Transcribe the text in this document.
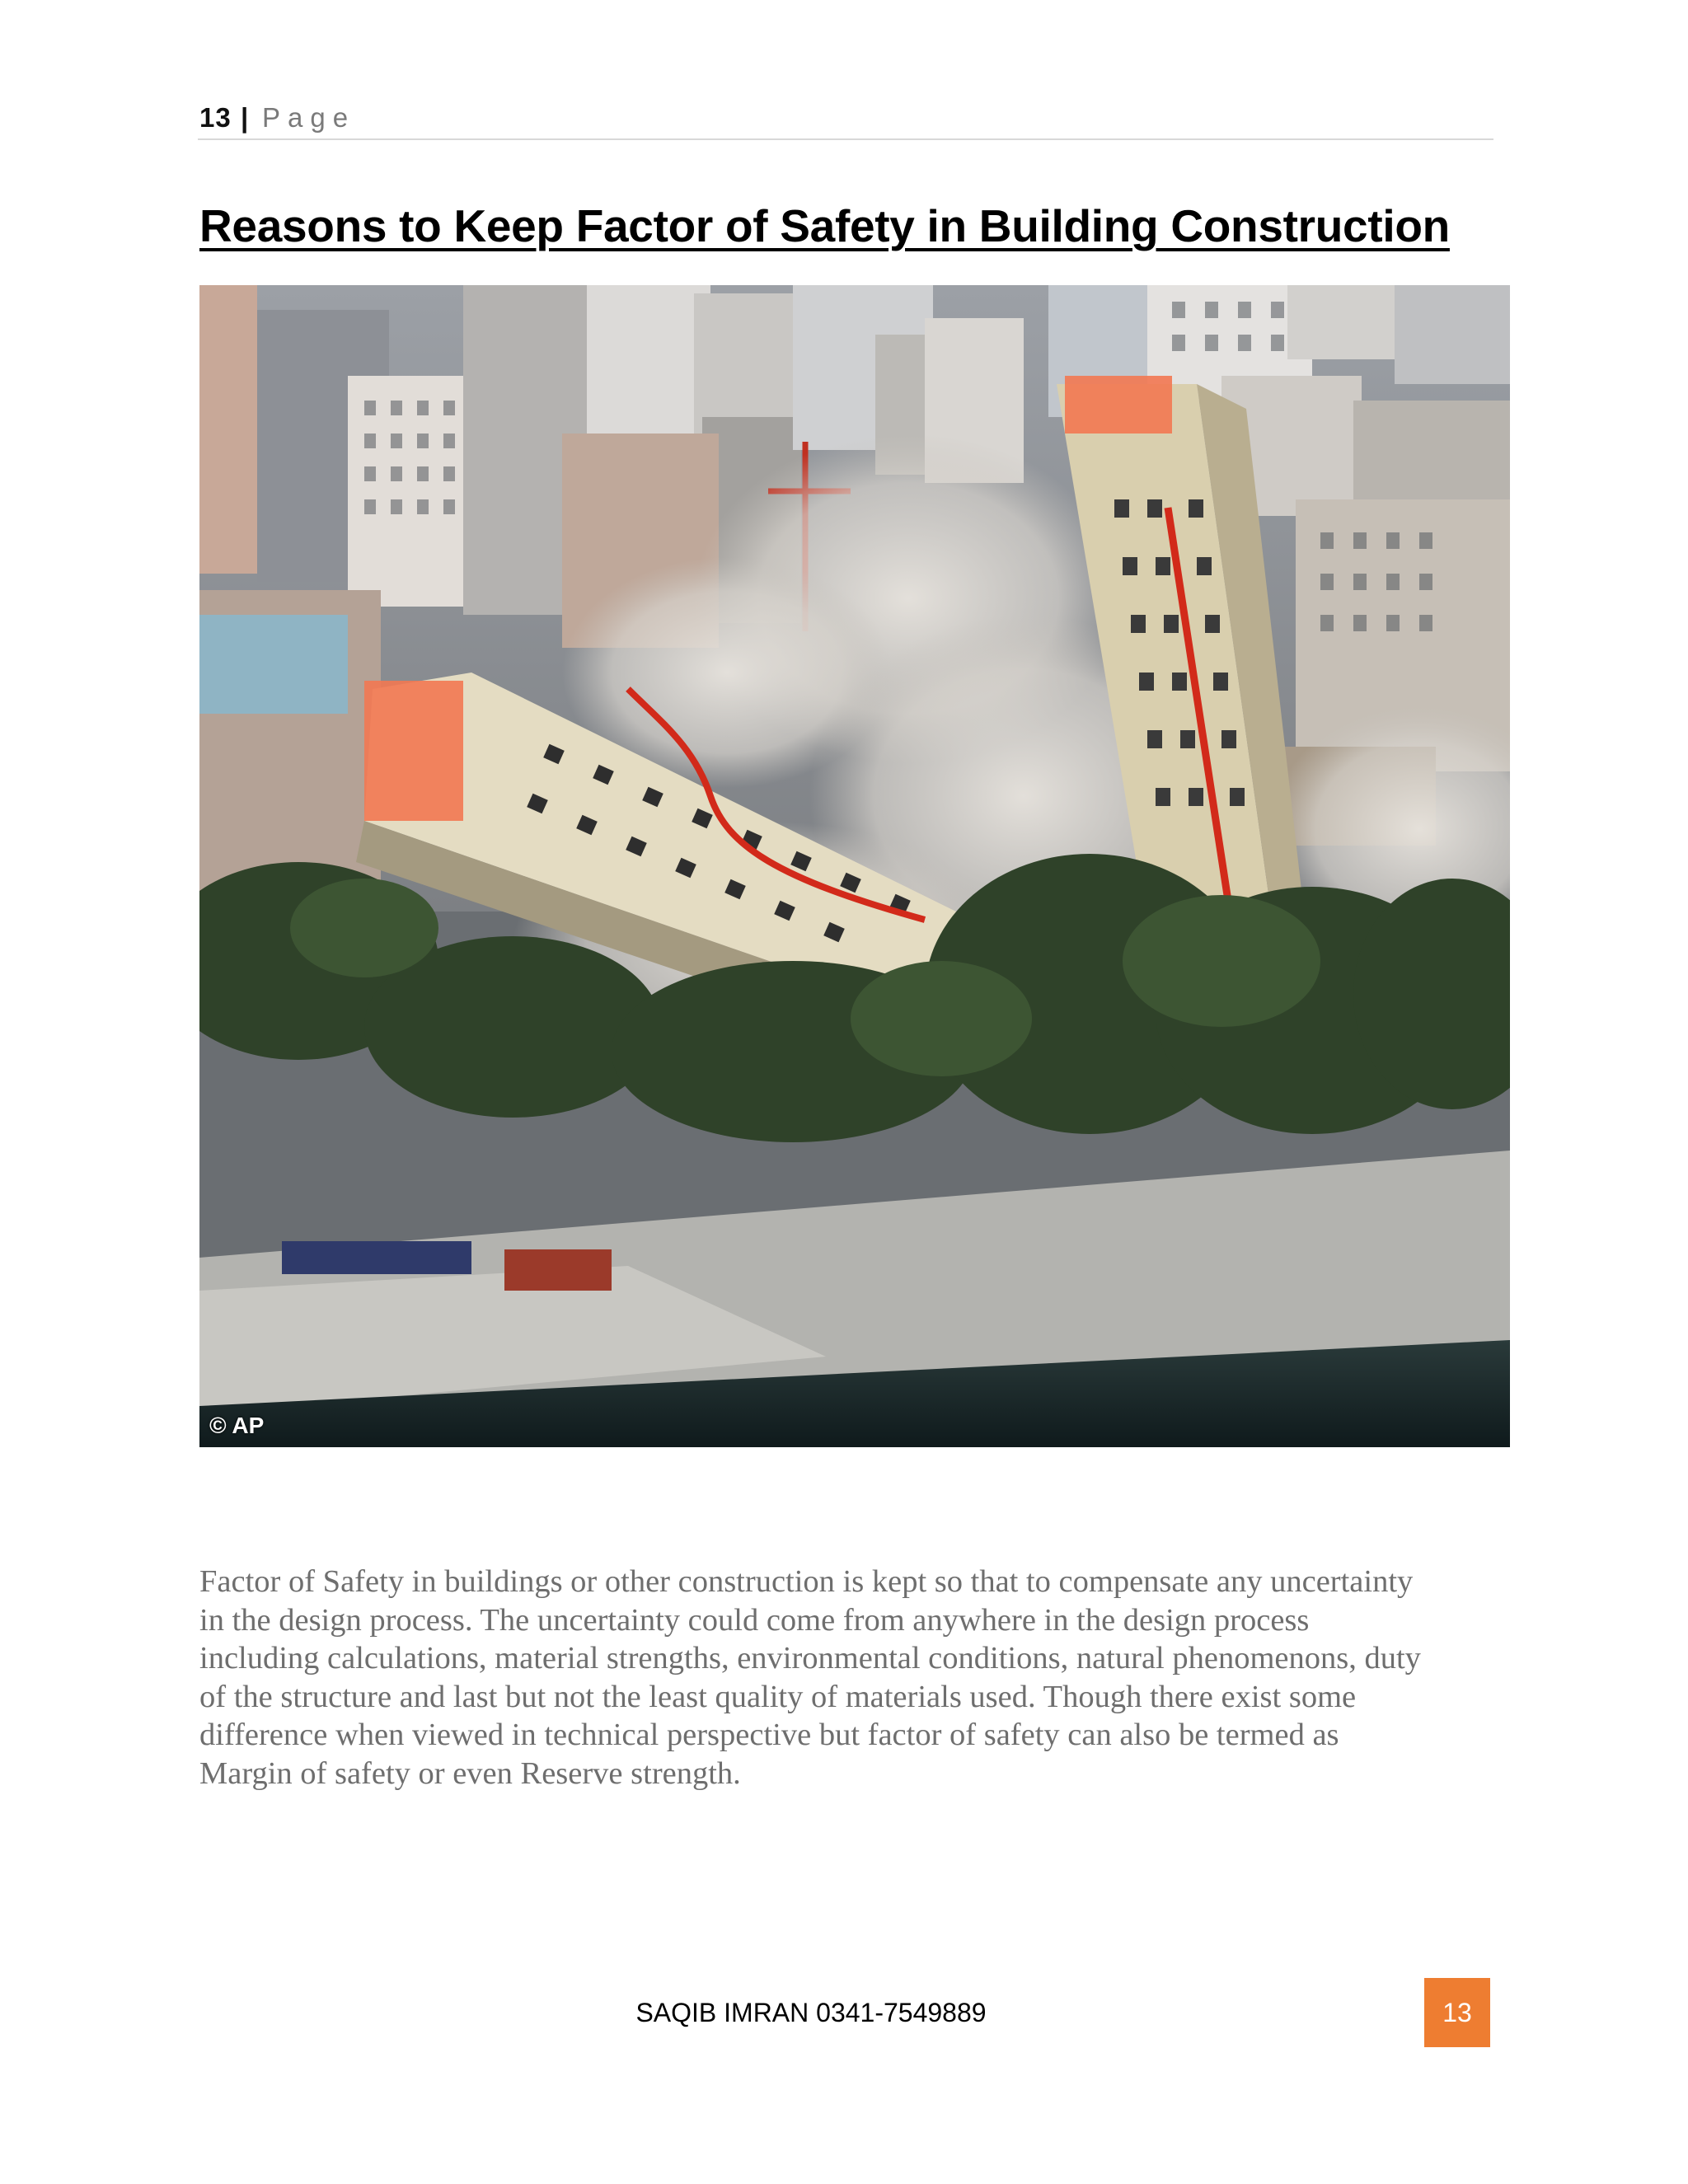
13 | Page
Reasons to Keep Factor of Safety in Building Construction
© AP
Factor of Safety in buildings or other construction is kept so that to compensate any uncertainty
in the design process. The uncertainty could come from anywhere in the design process
including calculations, material strengths, environmental conditions, natural phenomenons, duty
of the structure and last but not the least quality of materials used. Though there exist some
difference when viewed in technical perspective but factor of safety can also be termed as
Margin of safety or even Reserve strength.
SAQIB IMRAN 0341-7549889	13
